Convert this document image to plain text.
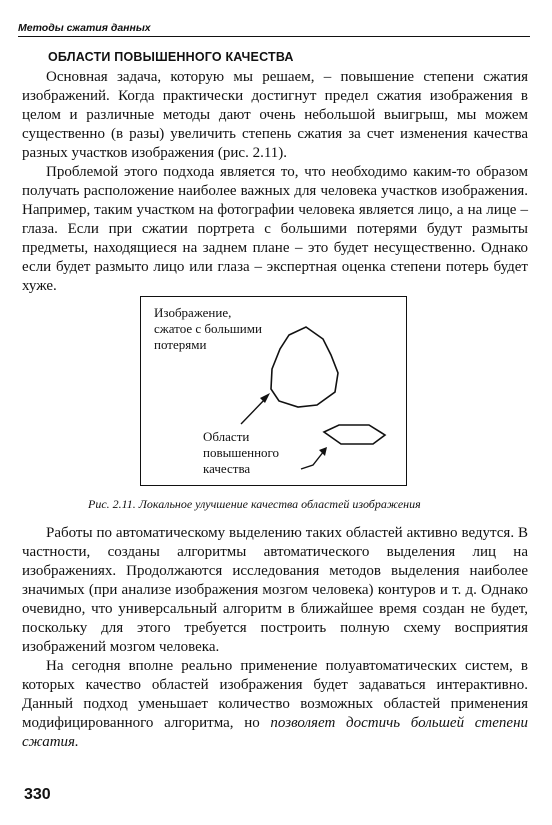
Методы сжатия данных
ОБЛАСТИ ПОВЫШЕННОГО КАЧЕСТВА

Основная задача, которую мы решаем, – повышение степени сжатия изображений. Когда практически достигнут предел сжатия изображения в целом и различные методы дают очень небольшой выигрыш, мы можем существенно (в разы) увеличить степень сжатия за счет изменения качества разных участков изображения (рис. 2.11).

Проблемой этого подхода является то, что необходимо каким-то образом получать расположение наиболее важных для человека участков изображения. Например, таким участком на фотографии человека является лицо, а на лице – глаза. Если при сжатии портрета с большими потерями будут размыты предметы, находящиеся на заднем плане – это будет несущественно. Однако если будет размыто лицо или глаза – экспертная оценка степени потерь будет хуже.

Изображение, сжатое с большими потерями

Области повышенного качества

Рис. 2.11. Локальное улучшение качества областей изображения

Работы по автоматическому выделению таких областей активно ведутся. В частности, созданы алгоритмы автоматического выделения лиц на изображениях. Продолжаются исследования методов выделения наиболее значимых (при анализе изображения мозгом человека) контуров и т. д. Однако очевидно, что универсальный алгоритм в ближайшее время создан не будет, поскольку для этого требуется построить полную схему восприятия изображений мозгом человека.

На сегодня вполне реально применение полуавтоматических систем, в которых качество областей изображения будет задаваться интерактивно. Данный подход уменьшает количество возможных областей применения модифицированного алгоритма, но позволяет достичь большей степени сжатия.

330
